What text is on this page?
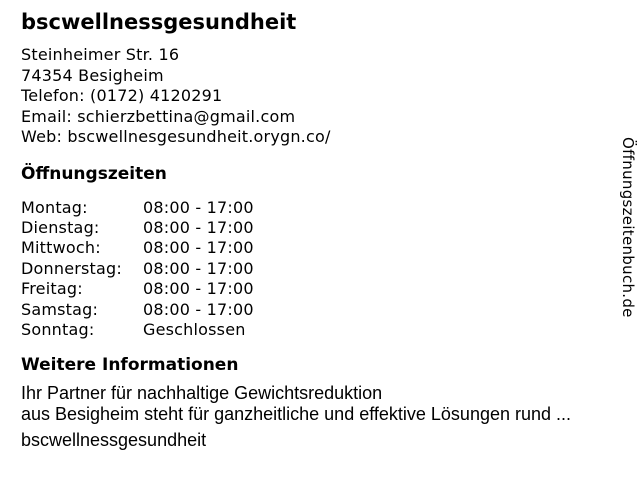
bscwellnessgesundheit
Steinheimer Str. 16
74354 Besigheim
Telefon: (0172) 4120291
Email: schierzbettina@gmail.com
Web: bscwellnesgesundheit.orygn.co/
Öffnungszeiten
Montag:	08:00 - 17:00
Dienstag:	08:00 - 17:00
Mittwoch:	08:00 - 17:00
Donnerstag:	08:00 - 17:00
Freitag:	08:00 - 17:00
Samstag:	08:00 - 17:00
Sonntag:	Geschlossen
Weitere Informationen
Ihr Partner für nachhaltige Gewichtsreduktion
aus Besigheim steht für ganzheitliche und effektive Lösungen rund ...
bscwellnessgesundheit
Öffnungszeitenbuch.de
